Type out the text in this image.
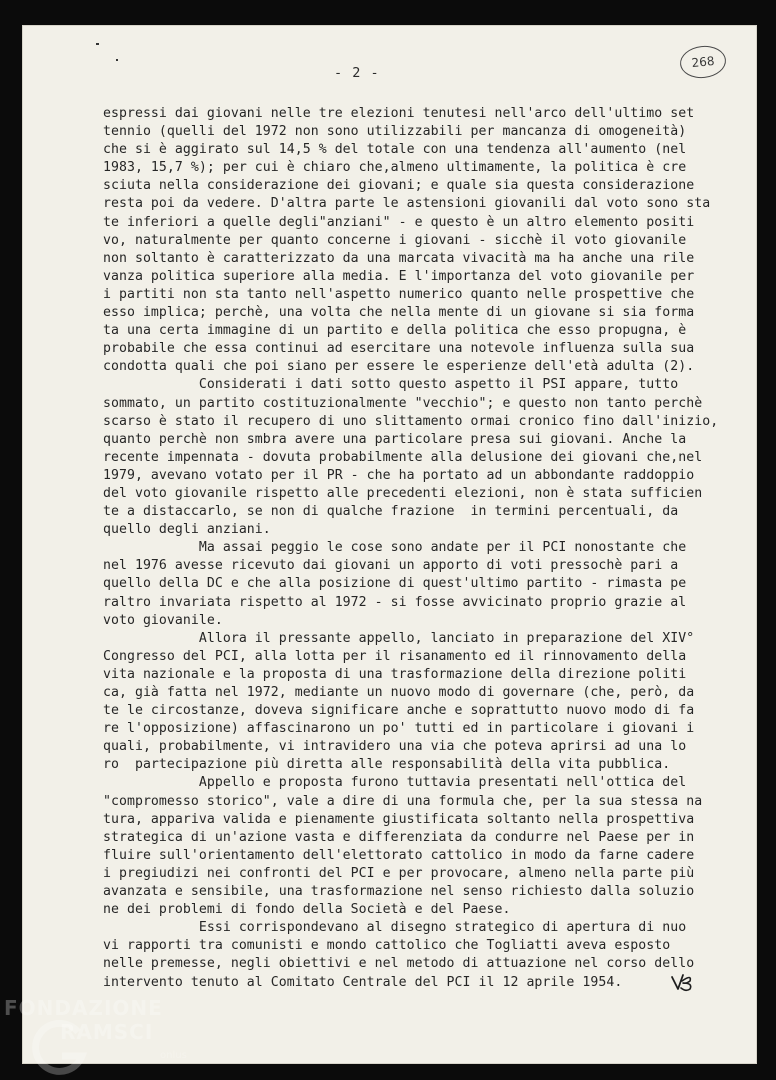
- 2 -
268
espressi dai giovani nelle tre elezioni tenutesi nell'arco dell'ultimo set
tennio (quelli del 1972 non sono utilizzabili per mancanza di omogeneità)
che si è aggirato sul 14,5 % del totale con una tendenza all'aumento (nel
1983, 15,7 %); per cui è chiaro che,almeno ultimamente, la politica è cre
sciuta nella considerazione dei giovani; e quale sia questa considerazione
resta poi da vedere. D'altra parte le astensioni giovanili dal voto sono sta
te inferiori a quelle degli"anziani" - e questo è un altro elemento positi
vo, naturalmente per quanto concerne i giovani - sicchè il voto giovanile
non soltanto è caratterizzato da una marcata vivacità ma ha anche una rile
vanza politica superiore alla media. E l'importanza del voto giovanile per
i partiti non sta tanto nell'aspetto numerico quanto nelle prospettive che
esso implica; perchè, una volta che nella mente di un giovane si sia forma
ta una certa immagine di un partito e della politica che esso propugna, è
probabile che essa continui ad esercitare una notevole influenza sulla sua
condotta quali che poi siano per essere le esperienze dell'età adulta (2).
Considerati i dati sotto questo aspetto il PSI appare, tutto
sommato, un partito costituzionalmente "vecchio"; e questo non tanto perchè
scarso è stato il recupero di uno slittamento ormai cronico fino dall'inizio,
quanto perchè non smbra avere una particolare presa sui giovani. Anche la
recente impennata - dovuta probabilmente alla delusione dei giovani che,nel
1979, avevano votato per il PR - che ha portato ad un abbondante raddoppio
del voto giovanile rispetto alle precedenti elezioni, non è stata sufficien
te a distaccarlo, se non di qualche frazione  in termini percentuali, da
quello degli anziani.
Ma assai peggio le cose sono andate per il PCI nonostante che
nel 1976 avesse ricevuto dai giovani un apporto di voti pressochè pari a
quello della DC e che alla posizione di quest'ultimo partito - rimasta pe
raltro invariata rispetto al 1972 - si fosse avvicinato proprio grazie al
voto giovanile.
Allora il pressante appello, lanciato in preparazione del XIV°
Congresso del PCI, alla lotta per il risanamento ed il rinnovamento della
vita nazionale e la proposta di una trasformazione della direzione politi
ca, già fatta nel 1972, mediante un nuovo modo di governare (che, però, da
te le circostanze, doveva significare anche e soprattutto nuovo modo di fa
re l'opposizione) affascinarono un po' tutti ed in particolare i giovani i
quali, probabilmente, vi intravidero una via che poteva aprirsi ad una lo
ro  partecipazione più diretta alle responsabilità della vita pubblica.
Appello e proposta furono tuttavia presentati nell'ottica del
"compromesso storico", vale a dire di una formula che, per la sua stessa na
tura, appariva valida e pienamente giustificata soltanto nella prospettiva
strategica di un'azione vasta e differenziata da condurre nel Paese per in
fluire sull'orientamento dell'elettorato cattolico in modo da farne cadere
i pregiudizi nei confronti del PCI e per provocare, almeno nella parte più
avanzata e sensibile, una trasformazione nel senso richiesto dalla soluzio
ne dei problemi di fondo della Società e del Paese.
Essi corrispondevano al disegno strategico di apertura di nuo
vi rapporti tra comunisti e mondo cattolico che Togliatti aveva esposto
nelle premesse, negli obiettivi e nel metodo di attuazione nel corso dello
intervento tenuto al Comitato Centrale del PCI il 12 aprile 1954.
FONDAZIONE
RAMSCI
onlus
